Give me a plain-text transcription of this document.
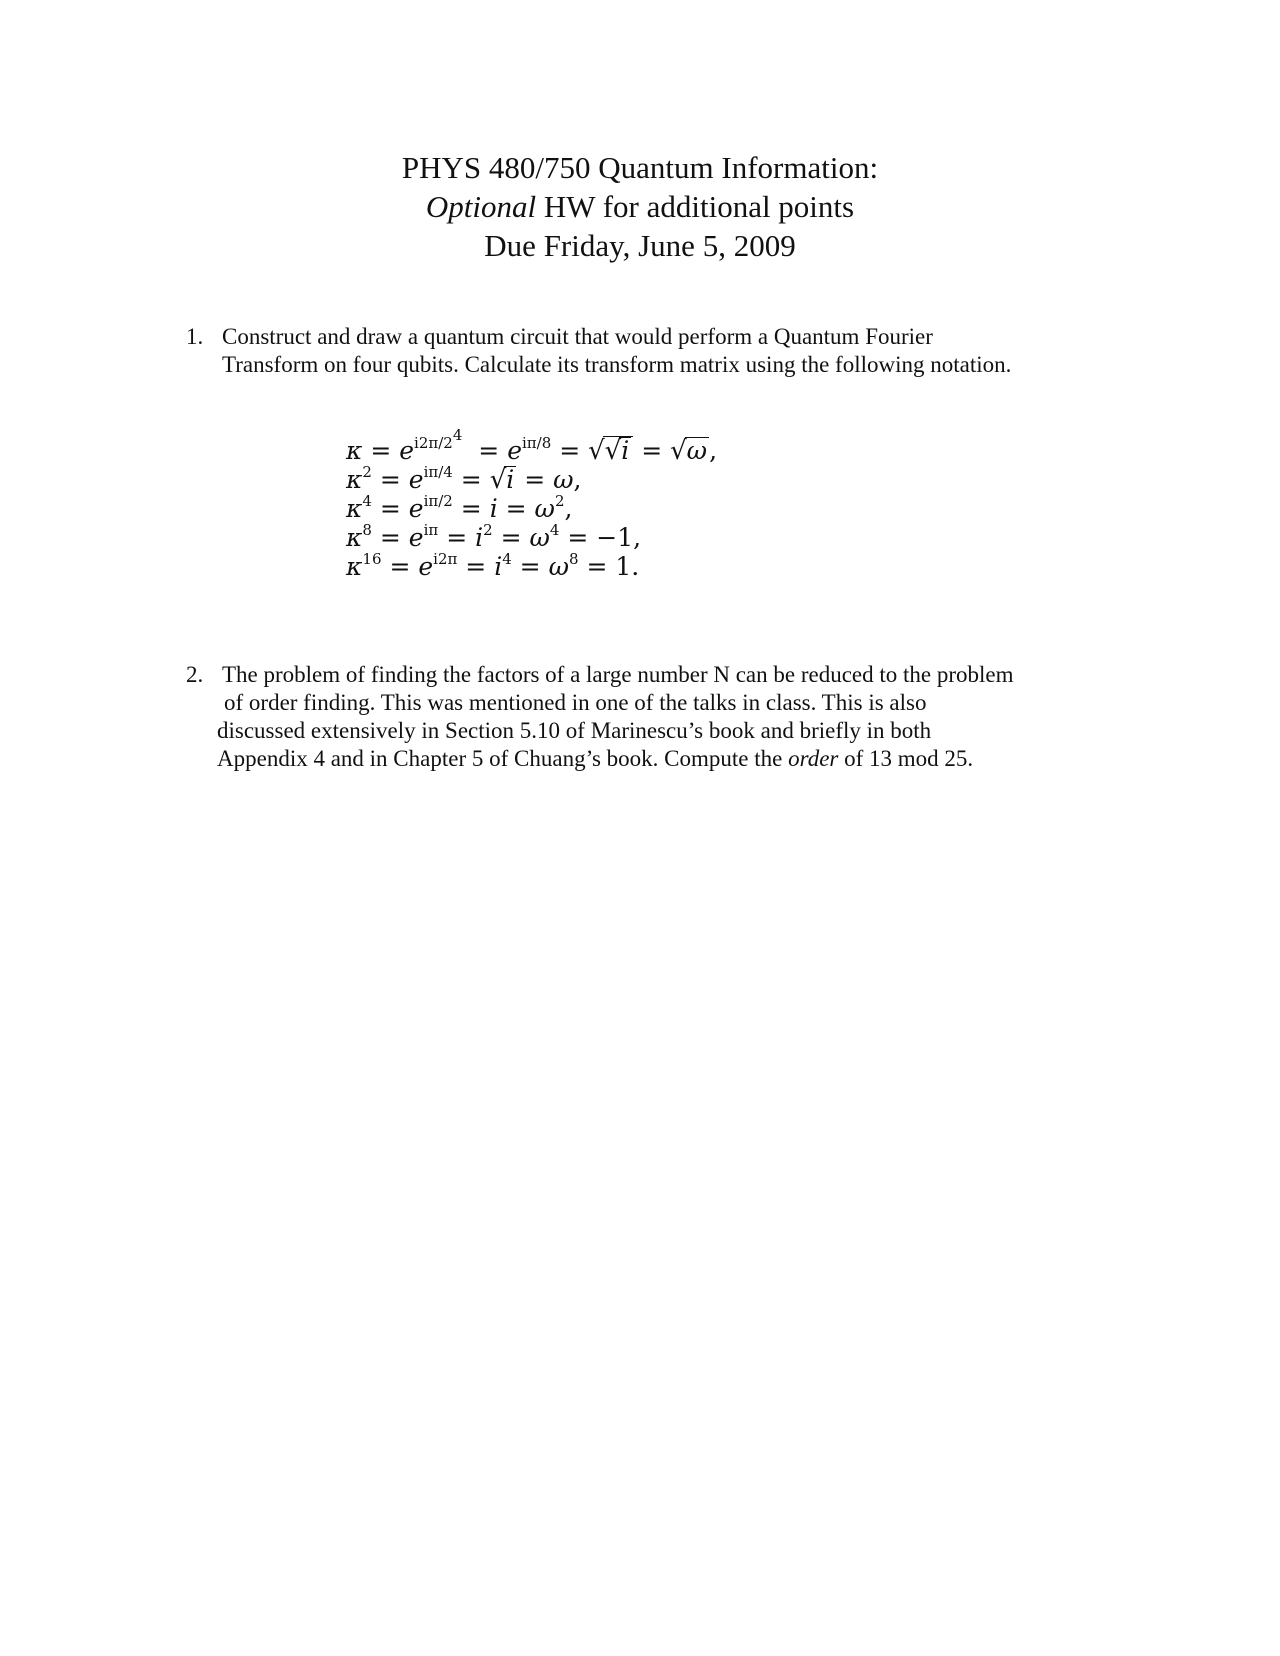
PHYS 480/750 Quantum Information:
Optional HW for additional points
Due Friday, June 5, 2009
1. Construct and draw a quantum circuit that would perform a Quantum Fourier
Transform on four qubits. Calculate its transform matrix using the following notation.
$\kappa = e^{i2\pi/2^4} = e^{i\pi/8} = √√i = √\omega$,
$\kappa^2 = e^{i\pi/4} = √i = \omega$,
$\kappa^4 = e^{i\pi/2} = i = \omega^2$,
$\kappa^8 = e^{i\pi} = i^2 = \omega^4 = -1$,
$\kappa^{16} = e^{i2\pi} = i^4 = \omega^8 = 1$.
2. The problem of finding the factors of a large number N can be reduced to the problem
of order finding. This was mentioned in one of the talks in class. This is also
discussed extensively in Section 5.10 of Marinescu’s book and briefly in both
Appendix 4 and in Chapter 5 of Chuang’s book. Compute the order of 13 mod 25.
